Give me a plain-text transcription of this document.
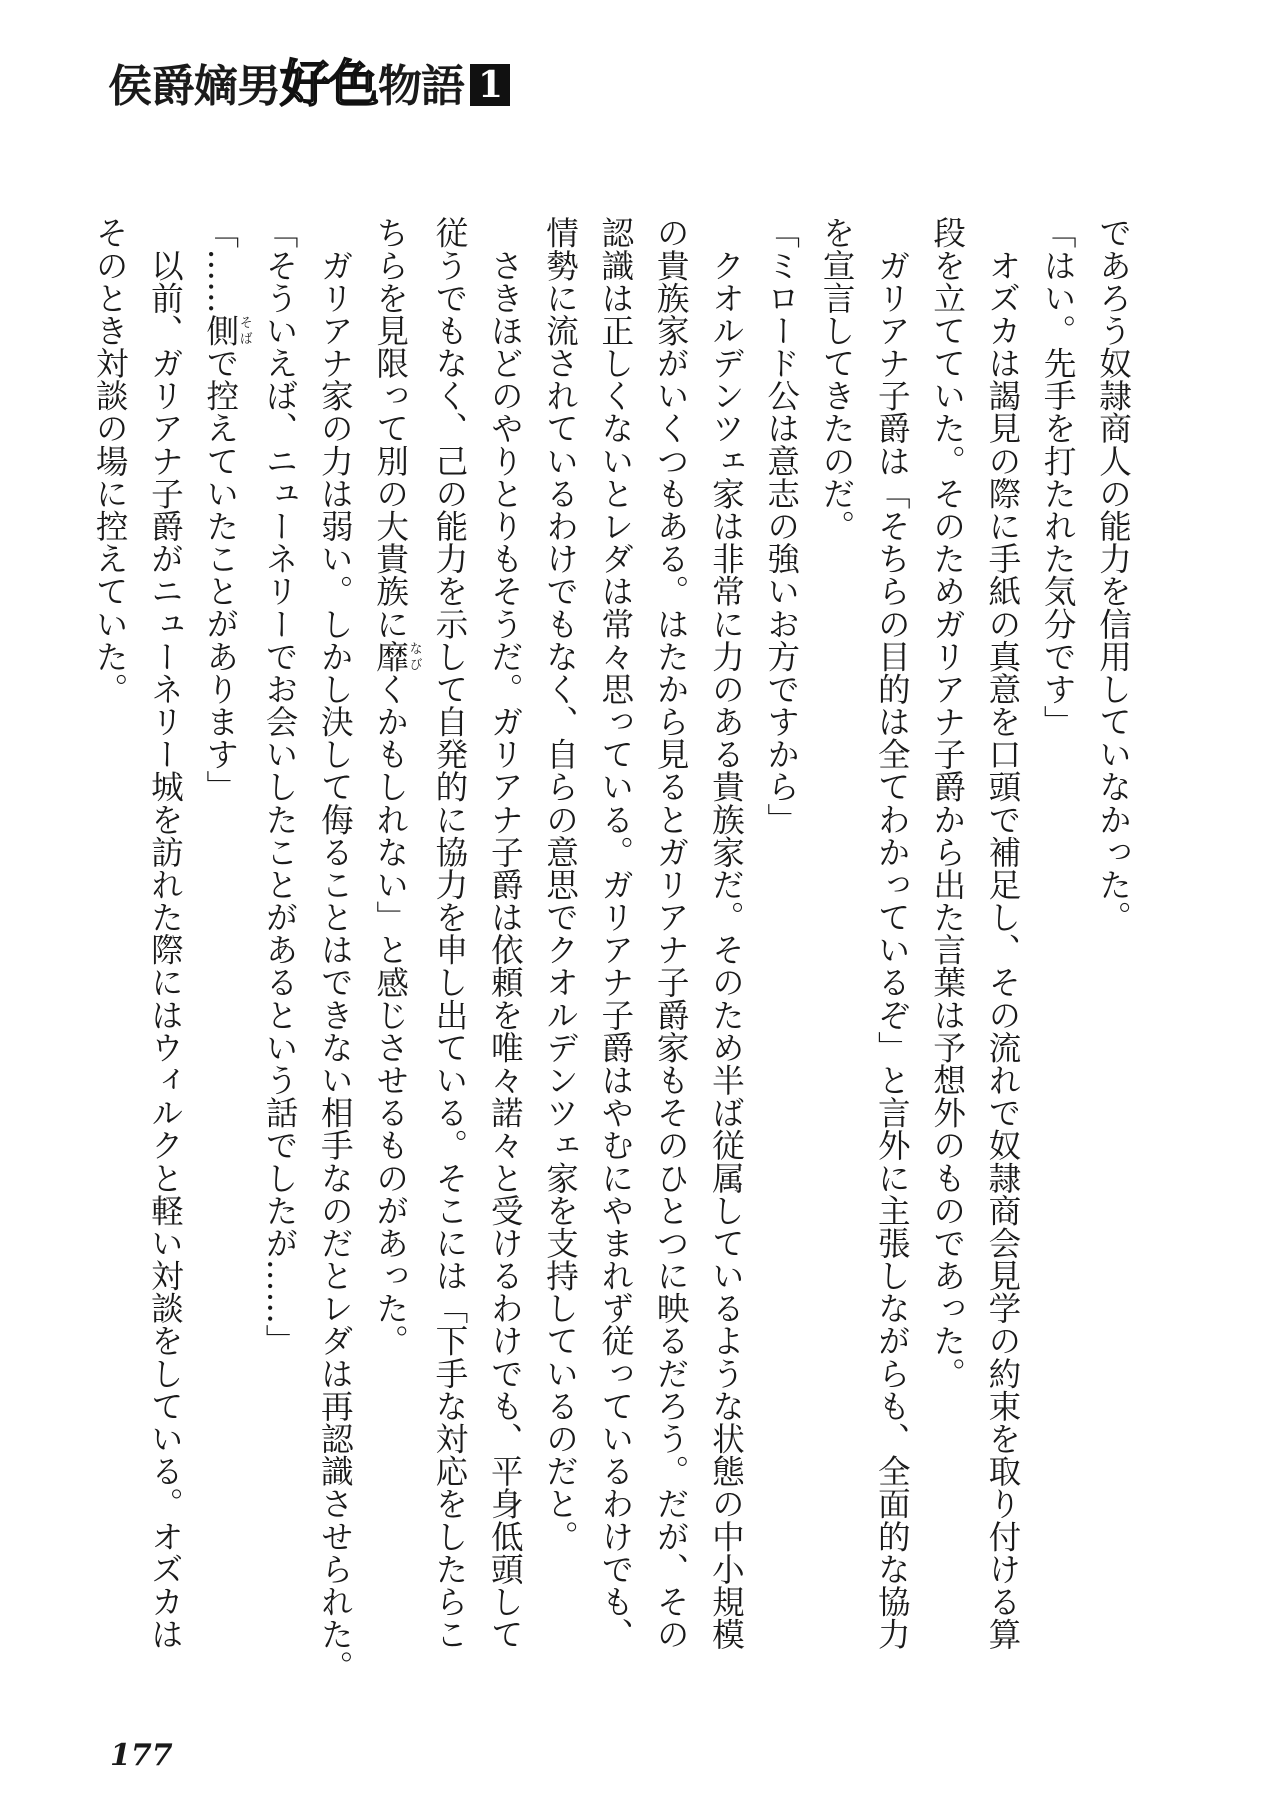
侯爵嫡男好色物語 1
であろう奴隷商人の能力を信用していなかった。
「はい。先手を打たれた気分です」
　オズカは謁見の際に手紙の真意を口頭で補足し、その流れで奴隷商会見学の約束を取り付ける算
段を立てていた。そのためガリアナ子爵から出た言葉は予想外のものであった。
　ガリアナ子爵は「そちらの目的は全てわかっているぞ」と言外に主張しながらも、全面的な協力
を宣言してきたのだ。
「ミロード公は意志の強いお方ですから」
　クオルデンツェ家は非常に力のある貴族家だ。そのため半ば従属しているような状態の中小規模
の貴族家がいくつもある。はたから見るとガリアナ子爵家もそのひとつに映るだろう。だが、その
認識は正しくないとレダは常々思っている。ガリアナ子爵はやむにやまれず従っているわけでも、
情勢に流されているわけでもなく、自らの意思でクオルデンツェ家を支持しているのだと。
　さきほどのやりとりもそうだ。ガリアナ子爵は依頼を唯々諾々と受けるわけでも、平身低頭して
従うでもなく、己の能力を示して自発的に協力を申し出ている。そこには「下手な対応をしたらこ
ちらを見限って別の大貴族に靡なびくかもしれない」と感じさせるものがあった。
　ガリアナ家の力は弱い。しかし決して侮ることはできない相手なのだとレダは再認識させられた。
「そういえば、ニューネリーでお会いしたことがあるという話でしたが……」
「……側そばで控えていたことがあります」
　以前、ガリアナ子爵がニューネリー城を訪れた際にはウィルクと軽い対談をしている。オズカは
そのとき対談の場に控えていた。
177
